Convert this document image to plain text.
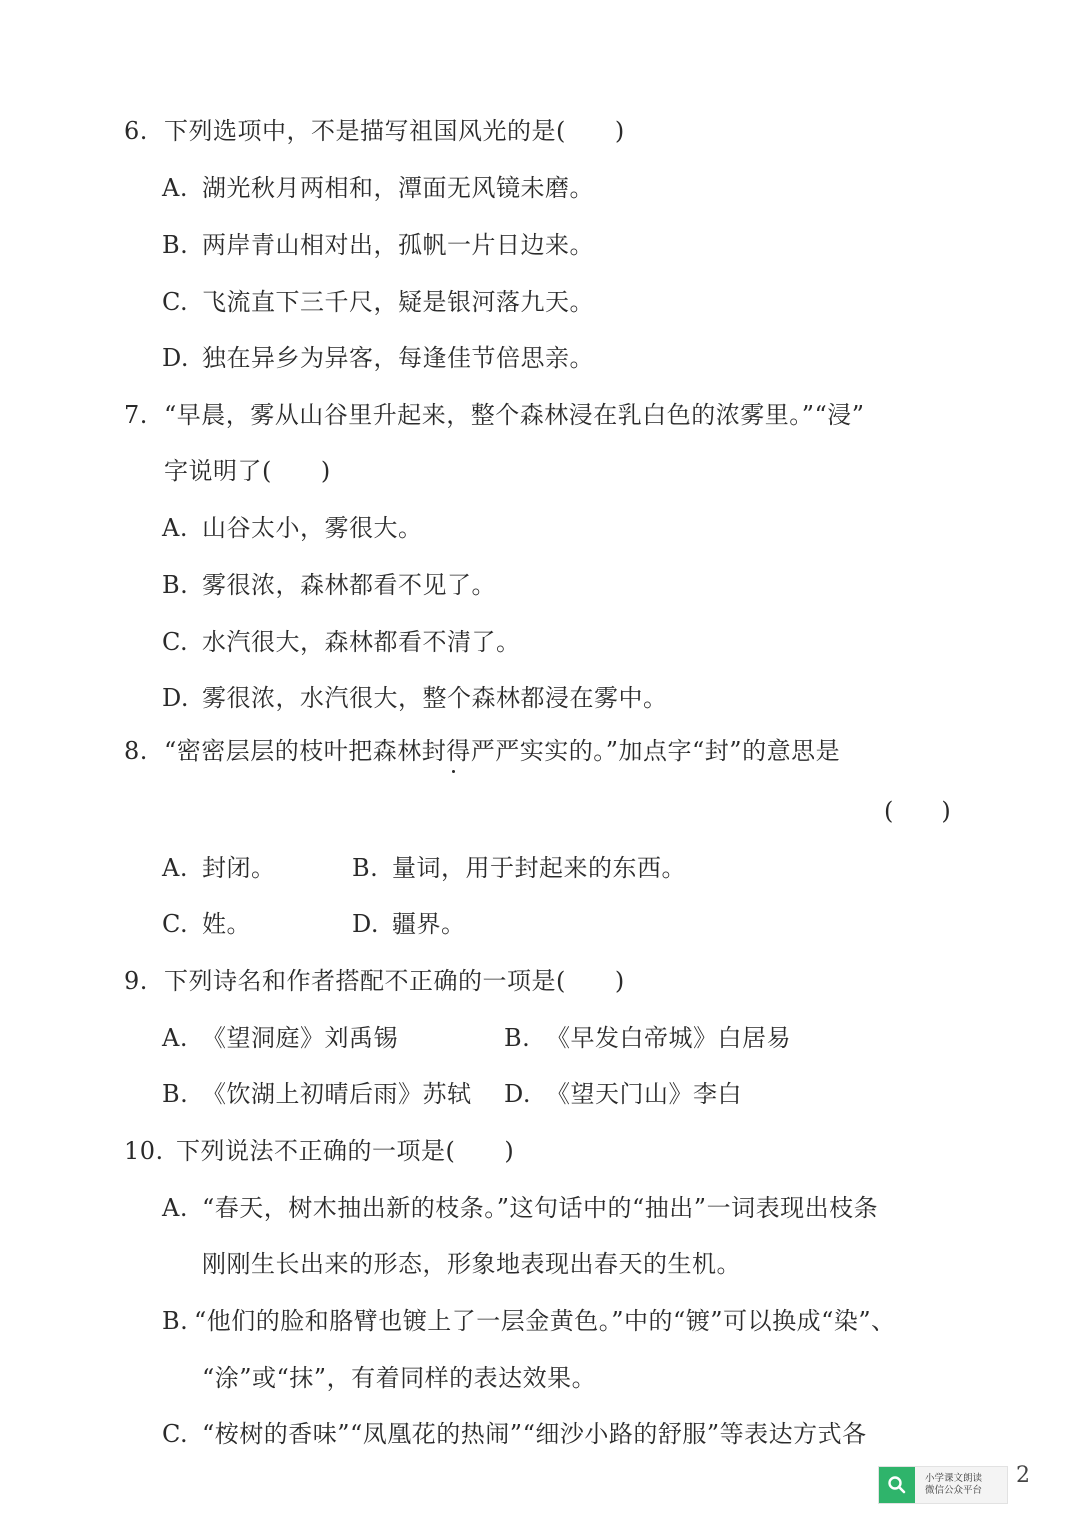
6. 下列选项中，不是描写祖国风光的是(　　)
A. 湖光秋月两相和，潭面无风镜未磨。
B. 两岸青山相对出，孤帆一片日边来。
C. 飞流直下三千尺，疑是银河落九天。
D. 独在异乡为异客，每逢佳节倍思亲。
7. “早晨，雾从山谷里升起来，整个森林浸在乳白色的浓雾里。”“浸”
字说明了(　　)
A. 山谷太小，雾很大。
B. 雾很浓，森林都看不见了。
C. 水汽很大，森林都看不清了。
D. 雾很浓，水汽很大，整个森林都浸在雾中。
8. “密密层层的枝叶把森林封得严严实实的。”加点字“封”的意思是
(　　)
A. 封闭。	B. 量词，用于封起来的东西。
C. 姓。	D. 疆界。
9. 下列诗名和作者搭配不正确的一项是(　　)
A. 《望洞庭》刘禹锡	B. 《早发白帝城》白居易
B. 《饮湖上初晴后雨》苏轼 D. 《望天门山》李白
10. 下列说法不正确的一项是(　　)
A. “春天，树木抽出新的枝条。”这句话中的“抽出”一词表现出枝条
刚刚生长出来的形态，形象地表现出春天的生机。
B. “他们的脸和胳臂也镀上了一层金黄色。”中的“镀”可以换成“染”、
“涂”或“抹”，有着同样的表达效果。
C. “桉树的香味”“凤凰花的热闹”“细沙小路的舒服”等表达方式各
小学课文朗读
微信公众平台
2
